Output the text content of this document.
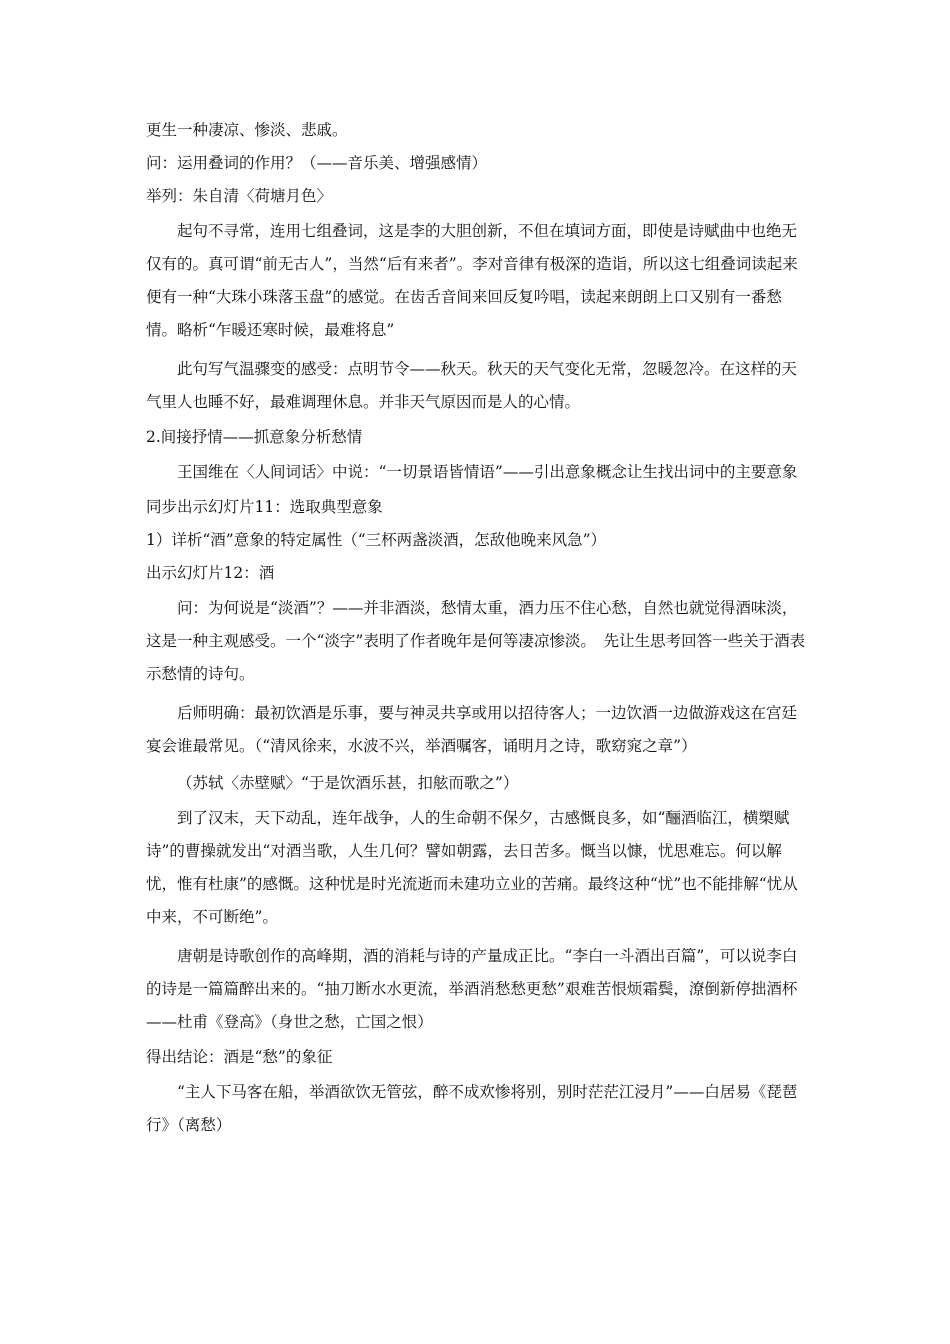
更生一种凄凉、惨淡、悲戚。

问：运用叠词的作用？（——音乐美、增强感情）

举列：朱自清〈荷塘月色〉

起句不寻常，连用七组叠词，这是李的大胆创新，不但在填词方面，即使是诗赋曲中也绝无仅有的。真可谓“前无古人”，当然“后有来者”。李对音律有极深的造诣，所以这七组叠词读起来便有一种“大珠小珠落玉盘”的感觉。在齿舌音间来回反复吟唱，读起来朗朗上口又别有一番愁情。略析“乍暖还寒时候，最难将息”

此句写气温骤变的感受：点明节令——秋天。秋天的天气变化无常，忽暖忽冷。在这样的天气里人也睡不好，最难调理休息。并非天气原因而是人的心情。

2.间接抒情——抓意象分析愁情

王国维在〈人间词话〉中说：“一切景语皆情语”——引出意象概念让生找出词中的主要意象

同步出示幻灯片11：选取典型意象

1）详析“酒”意象的特定属性（“三杯两盏淡酒，怎敌他晚来风急”）

出示幻灯片12：酒

问：为何说是“淡酒”？——并非酒淡，愁情太重，酒力压不住心愁，自然也就觉得酒味淡，这是一种主观感受。一个“淡字”表明了作者晚年是何等凄凉惨淡。　先让生思考回答一些关于酒表示愁情的诗句。

后师明确：最初饮酒是乐事，要与神灵共享或用以招待客人；一边饮酒一边做游戏这在宫廷宴会谁最常见。（“清风徐来，水波不兴，举酒嘱客，诵明月之诗，歌窈窕之章”）

（苏轼〈赤壁赋〉“于是饮酒乐甚，扣舷而歌之”）

到了汉末，天下动乱，连年战争，人的生命朝不保夕，古感慨良多，如“酾酒临江，横槊赋诗”的曹操就发出“对酒当歌，人生几何？譬如朝露，去日苦多。慨当以慷，忧思难忘。何以解忧，惟有杜康”的感慨。这种忧是时光流逝而未建功立业的苦痛。最终这种“忧”也不能排解“忧从中来，不可断绝”。

唐朝是诗歌创作的高峰期，酒的消耗与诗的产量成正比。“李白一斗酒出百篇”，可以说李白的诗是一篇篇醉出来的。“抽刀断水水更流，举酒消愁愁更愁”艰难苦恨烦霜鬓，潦倒新停拙酒杯——杜甫《登高》（身世之愁，亡国之恨）

得出结论：酒是“愁”的象征

“主人下马客在船，举酒欲饮无管弦，醉不成欢惨将别，别时茫茫江浸月”——白居易《琵琶行》（离愁）
